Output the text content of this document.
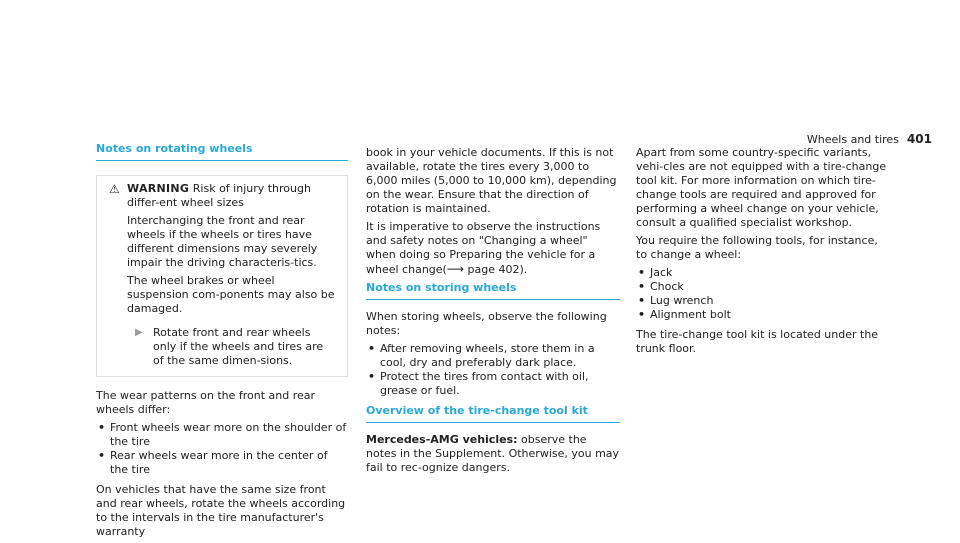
Wheels and tires 401
Notes on rotating wheels
⚠ WARNING Risk of injury through differ-ent wheel sizes

Interchanging the front and rear wheels if the wheels or tires have different dimensions may severely impair the driving characteris-tics.

The wheel brakes or wheel suspension com-ponents may also be damaged.

▶ Rotate front and rear wheels only if the wheels and tires are of the same dimen-sions.

The wear patterns on the front and rear wheels differ:

• Front wheels wear more on the shoulder of the tire
• Rear wheels wear more in the center of the tire

On vehicles that have the same size front and rear wheels, rotate the wheels according to the intervals in the tire manufacturer's warranty

book in your vehicle documents. If this is not available, rotate the tires every 3,000 to 6,000 miles (5,000 to 10,000 km), depending on the wear. Ensure that the direction of rotation is maintained.

It is imperative to observe the instructions and safety notes on "Changing a wheel" when doing so Preparing the vehicle for a wheel change(⟶ page 402).

Notes on storing wheels

When storing wheels, observe the following notes:

• After removing wheels, store them in a cool, dry and preferably dark place.
• Protect the tires from contact with oil, grease or fuel.
Overview of the tire-change tool kit

Mercedes-AMG vehicles: observe the notes in the Supplement. Otherwise, you may fail to rec-ognize dangers.

Apart from some country-specific variants, vehi-cles are not equipped with a tire-change tool kit. For more information on which tire-change tools are required and approved for performing a wheel change on your vehicle, consult a qualified specialist workshop.

You require the following tools, for instance, to change a wheel:

• Jack
• Chock
• Lug wrench
• Alignment bolt

The tire-change tool kit is located under the trunk floor.
